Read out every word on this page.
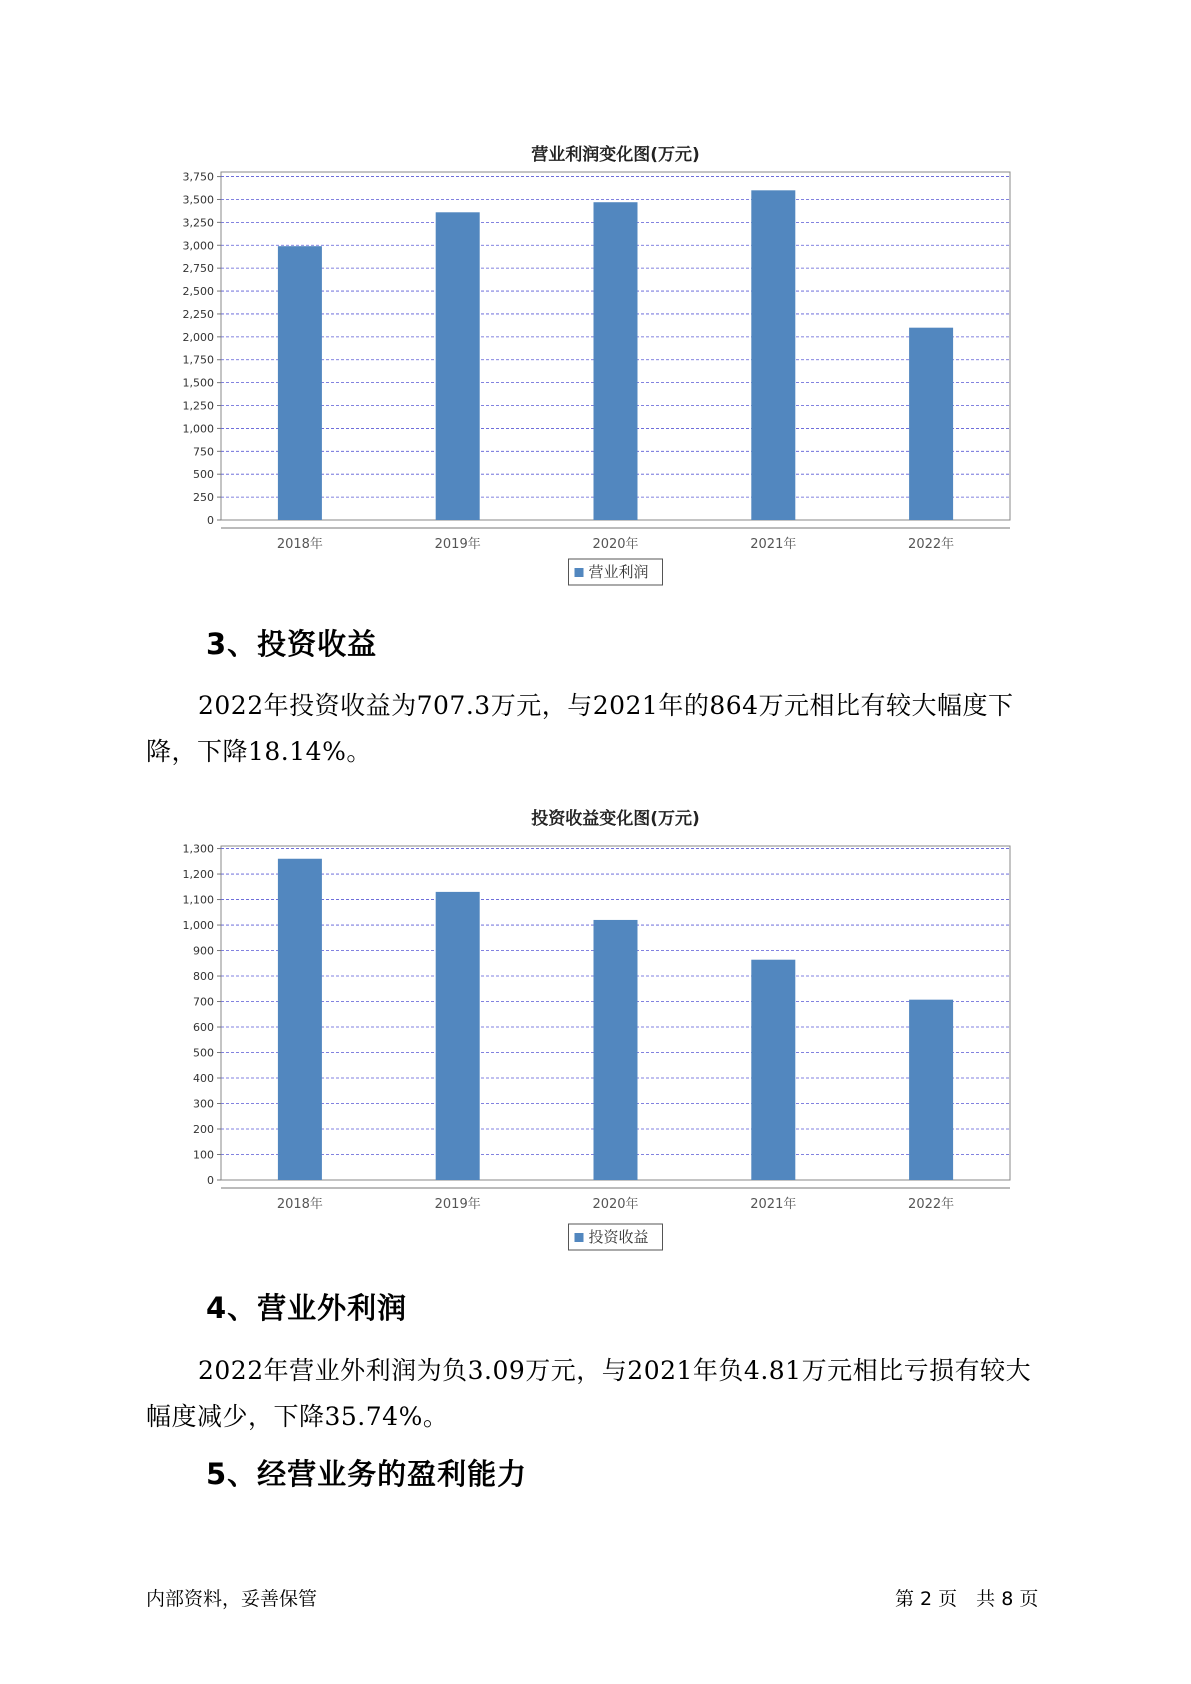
营业利润变化图(万元)
0
250
500
750
1,000
1,250
1,500
1,750
2,000
2,250
2,500
2,750
3,000
3,250
3,500
3,750
2018年	2019年	2020年	2021年	2022年
营业利润
投资收益变化图(万元)
0
100
200
300
400
500
600
700
800
900
1,000
1,100
1,200
1,300
2018年	2019年	2020年	2021年	2022年
投资收益
3、投资收益

2022年投资收益为707.3万元，与2021年的864万元相比有较大幅度下降，下降18.14%。

4、营业外利润

2022年营业外利润为负3.09万元，与2021年负4.81万元相比亏损有较大幅度减少，下降35.74%。

5、经营业务的盈利能力
内部资料，妥善保管	第 2 页　共 8 页
